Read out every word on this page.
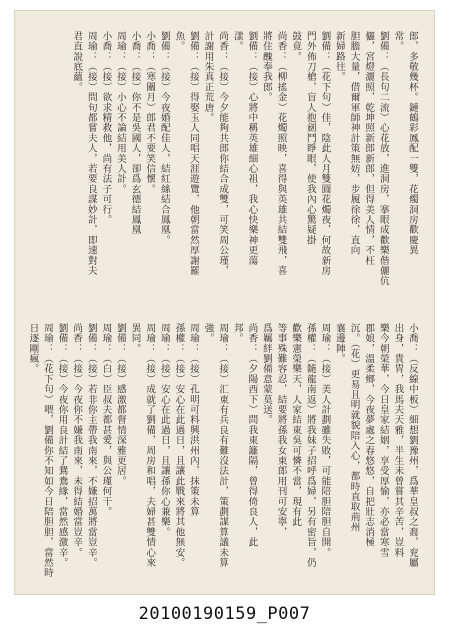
郎，多敬幾杯。鏈鶴彩鳳配一雙，花燭洞房歡慶異
常。
劉備：（長句二流）心花放，進洞房，搴眼成歡樂偕儷伉
儷，宮燈灑照，乾坤照新郎新郎，但得美人情，不枉
胆膽大量，借爾軍師神計策無妨，步履徐徐，直向
新婦路往。
劉備：（花下句）佳，陰此人月雙圓花燭夜，何故新房
門外佈刀槍，盲人抱劍鬥睜眼，使我內心驚疑掛
鼓竟。
尚香：（柳搖金）花燭照映，喜得與英雄共結雙飛，喜
將住醜奉我郎。
劉備：（接）心將中稱英雄細心祖，我心快樂神更蕩
漾。
尚香：（接）今夕能夠共郎你結合成雙，可笑周公瑾，
計謝用朱真正荒唐。
劉備：（接）得娶玉人同唱天涯遊覽，他朝當然厚謝羅
魚。
劉備：（接）今夜婚配佳人，結紅絲結合鳳凰。
小喬：（寒關月）郎君不要笑信懷。
小喬：（接）你不是吳國人，卻爲玄德結鳳凰
周瑜：（接）小心不論結用美人計。
小喬：（接）欲求精救他，尚有法子可行。
周瑜：（接）問旬都嘗夫人，若要良謀妙計，即速對夫
君直說底蘊。
小喬：（反線中板）細想劉豫州，爲華皇叔之裔，兖屬
出身，貴胄，我馬夫天雅，半生未曾嘗其辛苦，豈料
樂今朝榮華，今日皇家結姻，享受厚愉，亦必當寒雪
郡娘，溫柔鄉，今夜夢處之春悠悠，自把壯志消極
沉。（花）更易且明就貌陪入心，都時直取荊州
襄邊陣。
周瑜：（接）美人計劃雖失敗，可能陪胆陪胆自開。
孫權：（隨龍南返）將我妹子招呼爲婦，另有密旨，仍
歡樂憲榮樂天，人家結東吳可憐不當，現有此
等事殊難容忍，結要將孫我女東郎用刊可安寧，
爲羈絆劉備意蒙莫送。
尚香：（夕陽西下）問我東籬隔，曾得倚良人，此
邦。
周瑜：（接）汇東有兵良有難沒法計，策劃謀算議未算
強。
周瑜：（接）孔明可料興洪州內，抹策未算
孫權：（接）安心在此過日，且讓此戰來將其他無安。
周瑜：（接）安心在此過日，且讓孫你心兼樂。
周瑜：（接）成就了劉備，周房和唱，夫婦甚雙情心來
異同。
劉備：（接）感激都督情深雅更居。
周瑜：（白）臣叔夫都甚愛，與公瑾何干。
劉備：（接）若非你主帶我南來，不嫌招萬將當豈辛。
尚香：（接）今夜你不嫌我南來，未得結婚當豈辛。
劉備：（接）今夜你用良計結了鴛鴦緣，當然感激辛。
周瑜：（花下句）喂，劉備你不知如今日陪胆胆，當然時
日逐剛瘋。
20100190159_P007
